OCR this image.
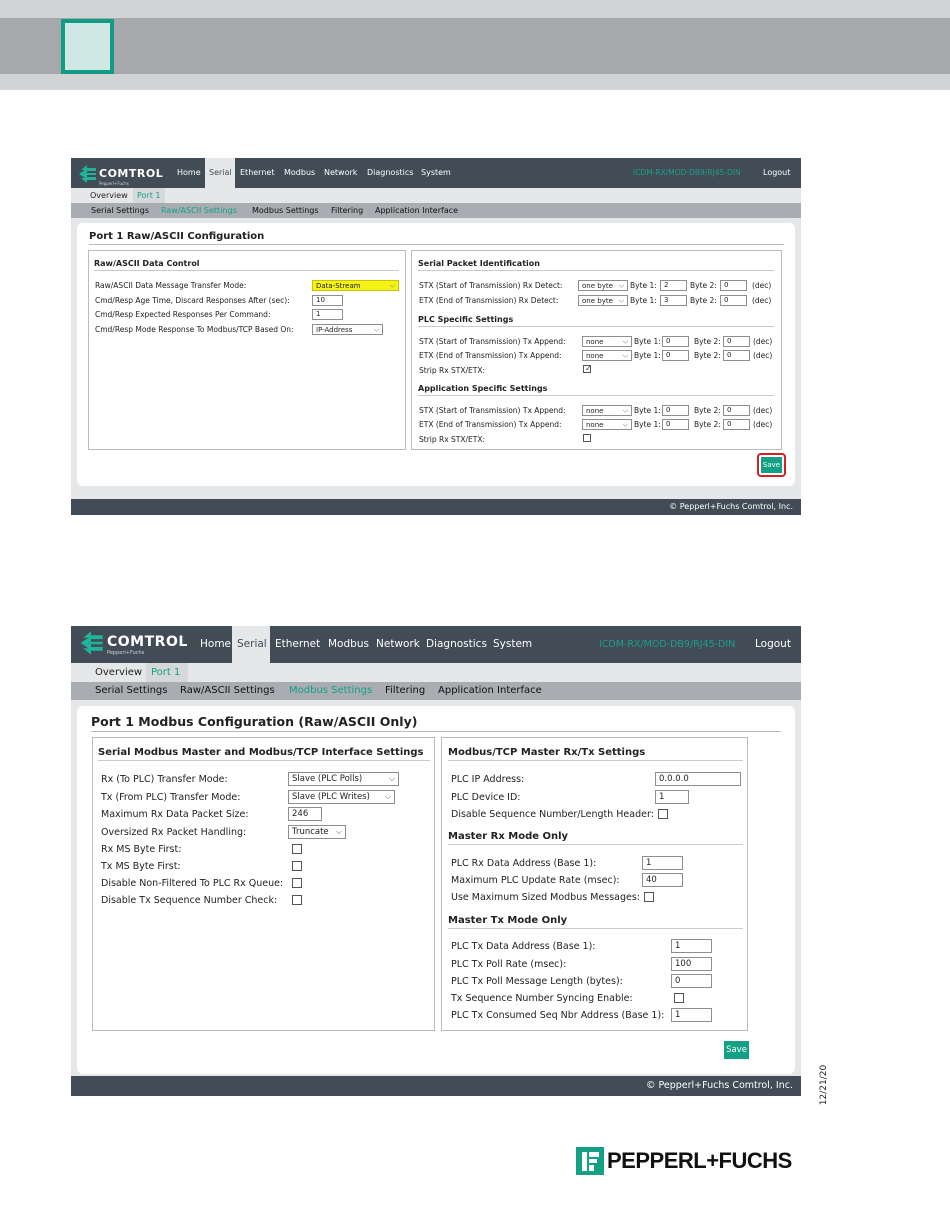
COMTROL
Pepperl+Fuchs
Home	Serial	Ethernet	Modbus	Network	Diagnostics System	ICDM-RX/MOD-DB9/RJ45-DIN	Logout
Overview	Port 1
Serial Settings Raw/ASCII Settings Modbus Settings Filtering Application Interface
Port 1 Raw/ASCII Configuration
Raw/ASCII Data Control
Raw/ASCII Data Message Transfer Mode:	Data-Stream	⌵
Cmd/Resp Age Time, Discard Responses After (sec):	10
Cmd/Resp Expected Responses Per Command:	1
Cmd/Resp Mode Response To Modbus/TCP Based On:	IP-Address	⌵
Serial Packet Identification
STX (Start of Transmission) Rx Detect:	one byte ⌵ Byte 1:	2	Byte 2:	0	(dec)
ETX (End of Transmission) Rx Detect:	one byte ⌵ Byte 1:	3	Byte 2:	0	(dec)
PLC Specific Settings
STX (Start of Transmission) Tx Append:	none	⌵ Byte 1: 0	Byte 2: 0	(dec)
ETX (End of Transmission) Tx Append:	none	⌵ Byte 1: 0	Byte 2: 0	(dec)
Strip Rx STX/ETX:	✓
Application Specific Settings
STX (Start of Transmission) Tx Append:	none	⌵ Byte 1: 0	Byte 2: 0	(dec)
ETX (End of Transmission) Tx Append:	none	⌵ Byte 1: 0	Byte 2: 0	(dec)
Strip Rx STX/ETX:
Save
© Pepperl+Fuchs Comtrol, Inc.
COMTROL
Pepperl+Fuchs
Home Serial Ethernet Modbus Network Diagnostics System	ICDM-RX/MOD-DB9/RJ45-DIN	Logout
Overview Port 1
Serial Settings Raw/ASCII Settings Modbus Settings Filtering Application Interface
Port 1 Modbus Configuration (Raw/ASCII Only)
Serial Modbus Master and Modbus/TCP Interface Settings
Rx (To PLC) Transfer Mode:	Slave (PLC Polls)	⌵
Tx (From PLC) Transfer Mode:	Slave (PLC Writes) ⌵
Maximum Rx Data Packet Size:	246
Oversized Rx Packet Handling:	Truncate ⌵
Rx MS Byte First:
Tx MS Byte First:
Disable Non-Filtered To PLC Rx Queue:
Disable Tx Sequence Number Check:
Modbus/TCP Master Rx/Tx Settings
PLC IP Address:	0.0.0.0
PLC Device ID:	1
Disable Sequence Number/Length Header:
Master Rx Mode Only
PLC Rx Data Address (Base 1):	1
Maximum PLC Update Rate (msec):	40
Use Maximum Sized Modbus Messages:
Master Tx Mode Only
PLC Tx Data Address (Base 1):	1
PLC Tx Poll Rate (msec):	100
PLC Tx Poll Message Length (bytes):	0
Tx Sequence Number Syncing Enable:
PLC Tx Consumed Seq Nbr Address (Base 1):	1
Save
© Pepperl+Fuchs Comtrol, Inc.	12/21/20
PEPPERL+FUCHS
